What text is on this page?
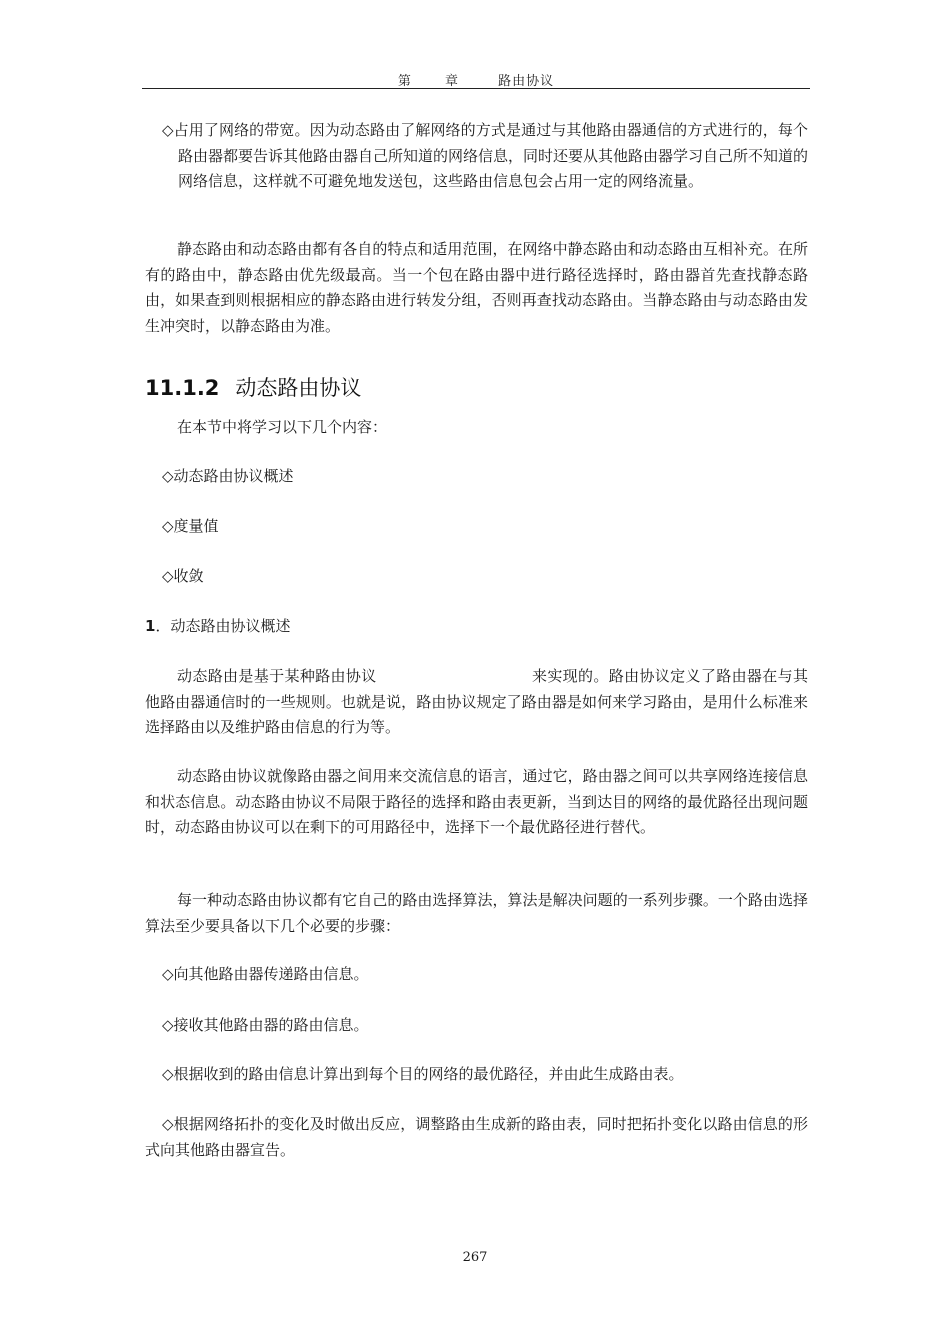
第	章	路由协议

◇占用了网络的带宽。因为动态路由了解网络的方式是通过与其他路由器通信的方式进行的，每个路由器都要告诉其他路由器自己所知道的网络信息，同时还要从其他路由器学习自己所不知道的网络信息，这样就不可避免地发送包，这些路由信息包会占用一定的网络流量。

静态路由和动态路由都有各自的特点和适用范围，在网络中静态路由和动态路由互相补充。在所有的路由中，静态路由优先级最高。当一个包在路由器中进行路径选择时，路由器首先查找静态路由，如果查到则根据相应的静态路由进行转发分组，否则再查找动态路由。当静态路由与动态路由发生冲突时，以静态路由为准。

11.1.2 动态路由协议

在本节中将学习以下几个内容：

◇动态路由协议概述

◇度量值

◇收敛

1．动态路由协议概述

动态路由是基于某种路由协议	来实现的。路由协议定义了路由器在与其他路由器通信时的一些规则。也就是说，路由协议规定了路由器是如何来学习路由，是用什么标准来选择路由以及维护路由信息的行为等。

动态路由协议就像路由器之间用来交流信息的语言，通过它，路由器之间可以共享网络连接信息和状态信息。动态路由协议不局限于路径的选择和路由表更新，当到达目的网络的最优路径出现问题时，动态路由协议可以在剩下的可用路径中，选择下一个最优路径进行替代。

每一种动态路由协议都有它自己的路由选择算法，算法是解决问题的一系列步骤。一个路由选择算法至少要具备以下几个必要的步骤：

◇向其他路由器传递路由信息。

◇接收其他路由器的路由信息。

◇根据收到的路由信息计算出到每个目的网络的最优路径，并由此生成路由表。

◇根据网络拓扑的变化及时做出反应，调整路由生成新的路由表，同时把拓扑变化以路由信息的形式向其他路由器宣告。

267
